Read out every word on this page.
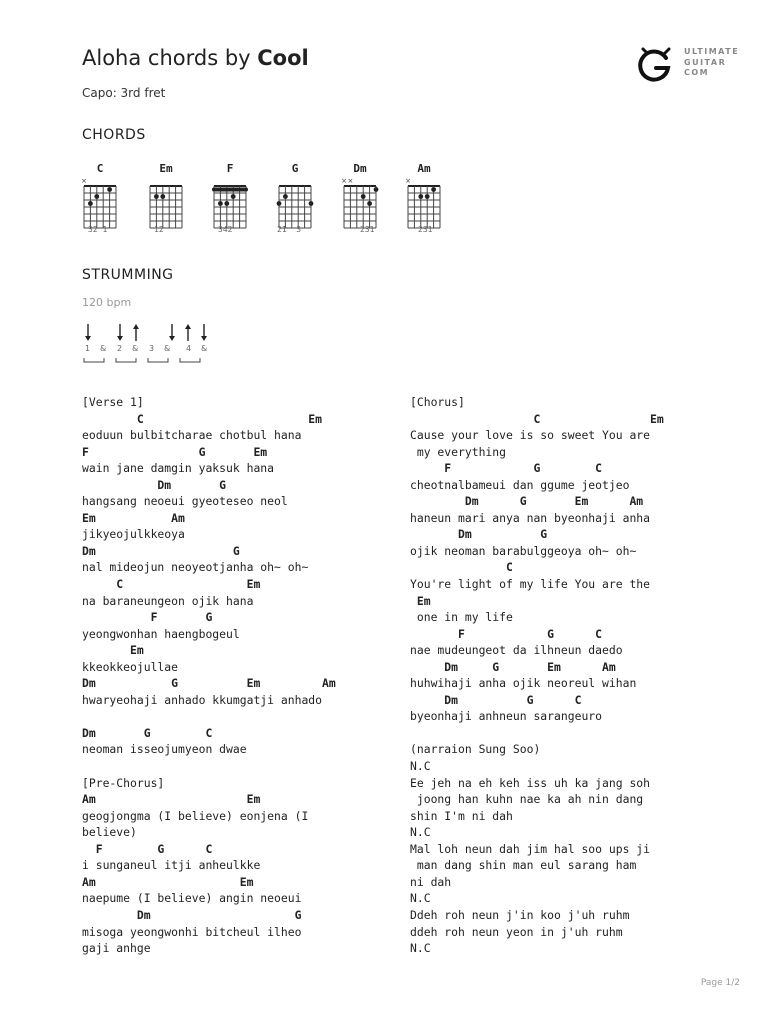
Aloha chords by Cool
Capo: 3rd fret
ULTIMATE
GUITAR
COM
CHORDS
C
×
32 1
Em
12
F
342
G
21  3
Dm
× ×
231
Am
×
231
STRUMMING
120 bpm
1 & 2 & 3 & 4 &
[Verse 1]
C                        Em
eoduun bulbitcharae chotbul hana
F                G       Em
wain jane damgin yaksuk hana
Dm       G
hangsang neoeui gyeoteseo neol
Em           Am
jikyeojulkkeoya
Dm                    G
nal mideojun neoyeotjanha oh~ oh~
C                  Em
na baraneungeon ojik hana
F       G
yeongwonhan haengbogeul
Em
kkeokkeojullae
Dm           G          Em         Am
hwaryeohaji anhado kkumgatji anhado
Dm       G        C
neoman isseojumyeon dwae
[Pre-Chorus]
Am                      Em
geogjongma (I believe) eonjena (I
believe)
F        G      C
i sunganeul itji anheulkke
Am                     Em
naepume (I believe) angin neoeui
Dm                     G
misoga yeongwonhi bitcheul ilheo
gaji anhge
[Chorus]
C                Em
Cause your love is so sweet You are
my everything
F            G        C
cheotnalbameui dan ggume jeotjeo
Dm      G       Em      Am
haneun mari anya nan byeonhaji anha
Dm          G
ojik neoman barabulggeoya oh~ oh~
C
You're light of my life You are the
Em
one in my life
F            G      C
nae mudeungeot da ilhneun daedo
Dm     G       Em      Am
huhwihaji anha ojik neoreul wihan
Dm          G      C
byeonhaji anhneun sarangeuro
(narraion Sung Soo)
N.C
Ee jeh na eh keh iss uh ka jang soh
joong han kuhn nae ka ah nin dang
shin I'm ni dah
N.C
Mal loh neun dah jim hal soo ups ji
man dang shin man eul sarang ham
ni dah
N.C
Ddeh roh neun j'in koo j'uh ruhm
ddeh roh neun yeon in j'uh ruhm
N.C
Page 1/2
